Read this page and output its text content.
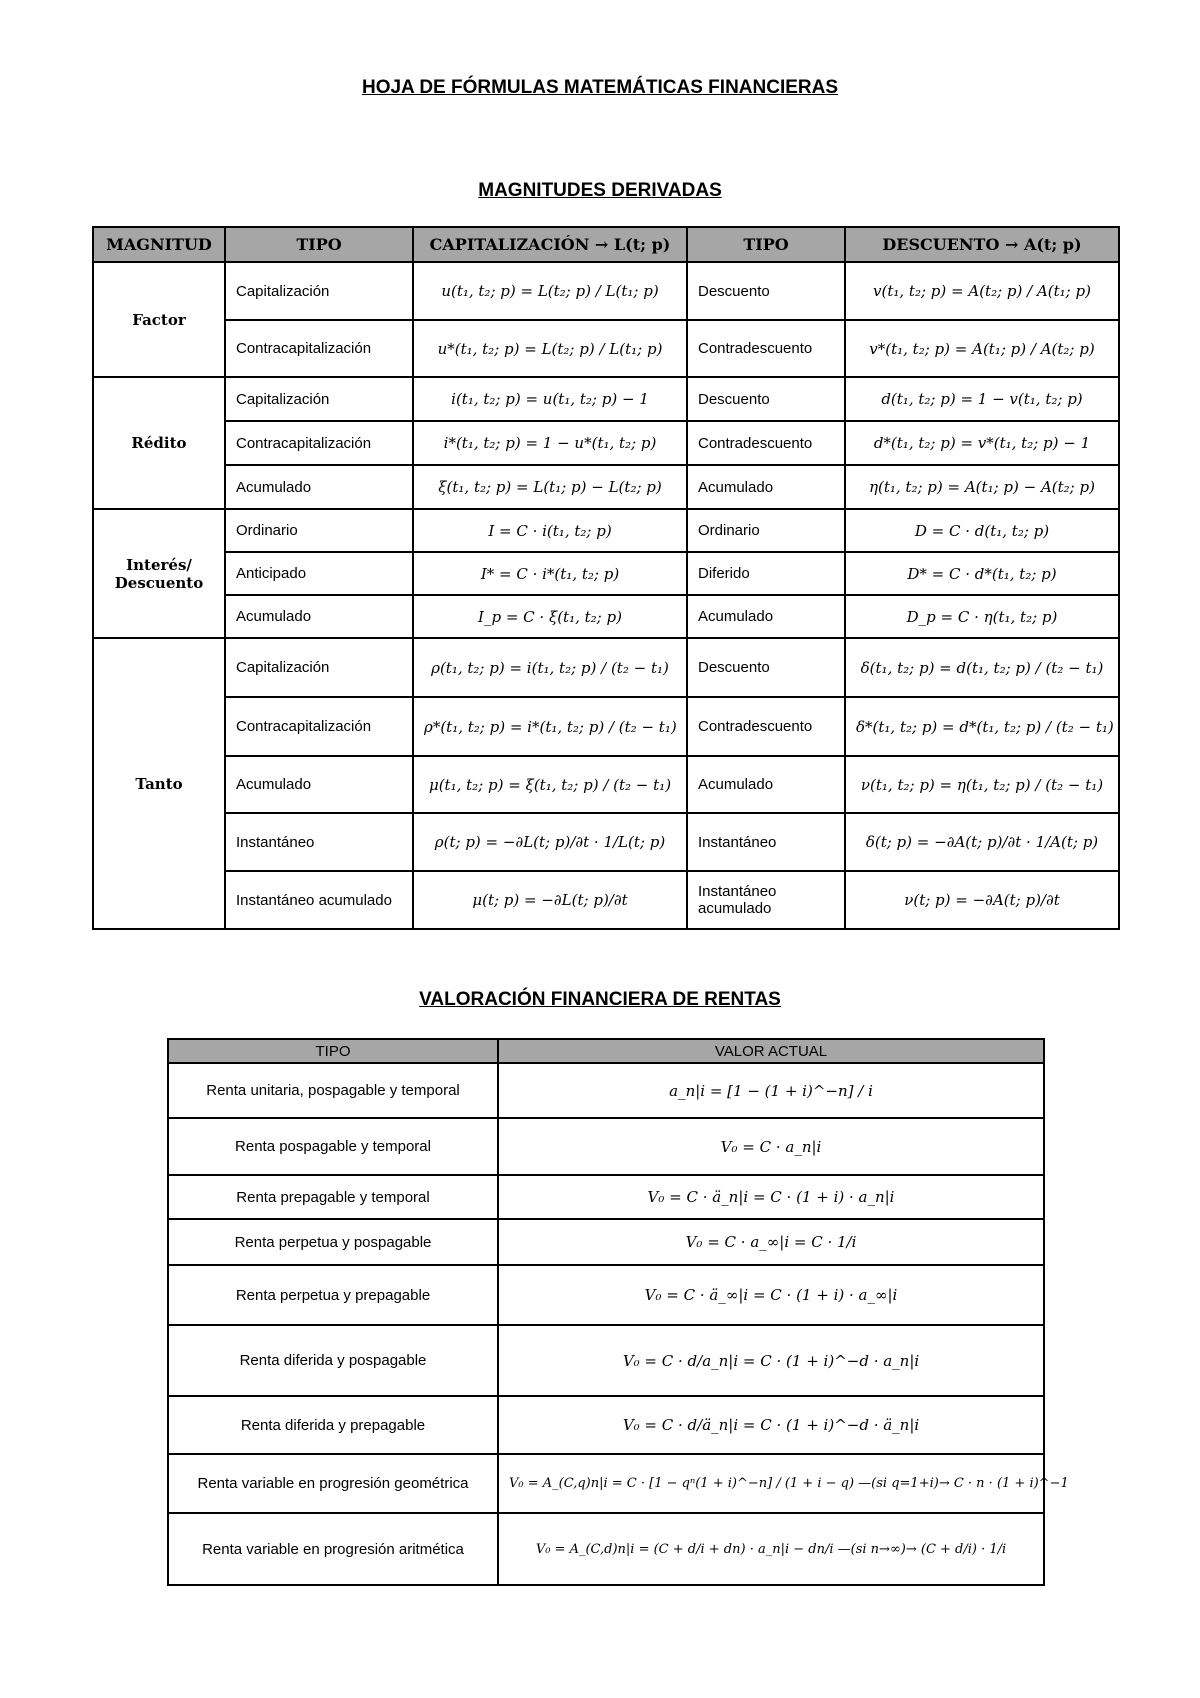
HOJA DE FÓRMULAS MATEMÁTICAS FINANCIERAS
MAGNITUDES DERIVADAS
MAGNITUD	TIPO	CAPITALIZACIÓN → L(t; p)	TIPO	DESCUENTO → A(t; p)
Factor	Capitalización	u(t₁, t₂; p) = L(t₂; p) / L(t₁; p)	Descuento	v(t₁, t₂; p) = A(t₂; p) / A(t₁; p)
	Contracapitalización	u*(t₁, t₂; p) = L(t₂; p) / L(t₁; p)	Contradescuento	v*(t₁, t₂; p) = A(t₁; p) / A(t₂; p)
Rédito	Capitalización	i(t₁, t₂; p) = u(t₁, t₂; p) − 1	Descuento	d(t₁, t₂; p) = 1 − v(t₁, t₂; p)
	Contracapitalización	i*(t₁, t₂; p) = 1 − u*(t₁, t₂; p)	Contradescuento	d*(t₁, t₂; p) = v*(t₁, t₂; p) − 1
	Acumulado	ξ(t₁, t₂; p) = L(t₁; p) − L(t₂; p)	Acumulado	η(t₁, t₂; p) = A(t₁; p) − A(t₂; p)
Interés/ Descuento	Ordinario	I = C · i(t₁, t₂; p)	Ordinario	D = C · d(t₁, t₂; p)
	Anticipado	I* = C · i*(t₁, t₂; p)	Diferido	D* = C · d*(t₁, t₂; p)
	Acumulado	I_p = C · ξ(t₁, t₂; p)	Acumulado	D_p = C · η(t₁, t₂; p)
Tanto	Capitalización	ρ(t₁, t₂; p) = i(t₁, t₂; p) / (t₂ − t₁)	Descuento	δ(t₁, t₂; p) = d(t₁, t₂; p) / (t₂ − t₁)
	Contracapitalización	ρ*(t₁, t₂; p) = i*(t₁, t₂; p) / (t₂ − t₁)	Contradescuento	δ*(t₁, t₂; p) = d*(t₁, t₂; p) / (t₂ − t₁)
	Acumulado	μ(t₁, t₂; p) = ξ(t₁, t₂; p) / (t₂ − t₁)	Acumulado	ν(t₁, t₂; p) = η(t₁, t₂; p) / (t₂ − t₁)
	Instantáneo	ρ(t; p) = −∂L(t; p)/∂t · 1/L(t; p)	Instantáneo	δ(t; p) = −∂A(t; p)/∂t · 1/A(t; p)
	Instantáneo acumulado	μ(t; p) = −∂L(t; p)/∂t	Instantáneo acumulado	ν(t; p) = −∂A(t; p)/∂t
VALORACIÓN FINANCIERA DE RENTAS
TIPO	VALOR ACTUAL
Renta unitaria, pospagable y temporal	a_n|i = [1 − (1 + i)^−n] / i
Renta pospagable y temporal	V₀ = C · a_n|i
Renta prepagable y temporal	V₀ = C · ä_n|i = C · (1 + i) · a_n|i
Renta perpetua y pospagable	V₀ = C · a_∞|i = C · 1/i
Renta perpetua y prepagable	V₀ = C · ä_∞|i = C · (1 + i) · a_∞|i
Renta diferida y pospagable	V₀ = C · d/a_n|i = C · (1 + i)^−d · a_n|i
Renta diferida y prepagable	V₀ = C · d/ä_n|i = C · (1 + i)^−d · ä_n|i
Renta variable en progresión geométrica	V₀ = A_(C,q)n|i = C · [1 − qⁿ(1 + i)^−n] / (1 + i − q) —(si q=1+i)→ C · n · (1 + i)^−1
Renta variable en progresión aritmética	V₀ = A_(C,d)n|i = (C + d/i + dn) · a_n|i − dn/i —(si n→∞)→ (C + d/i) · 1/i
